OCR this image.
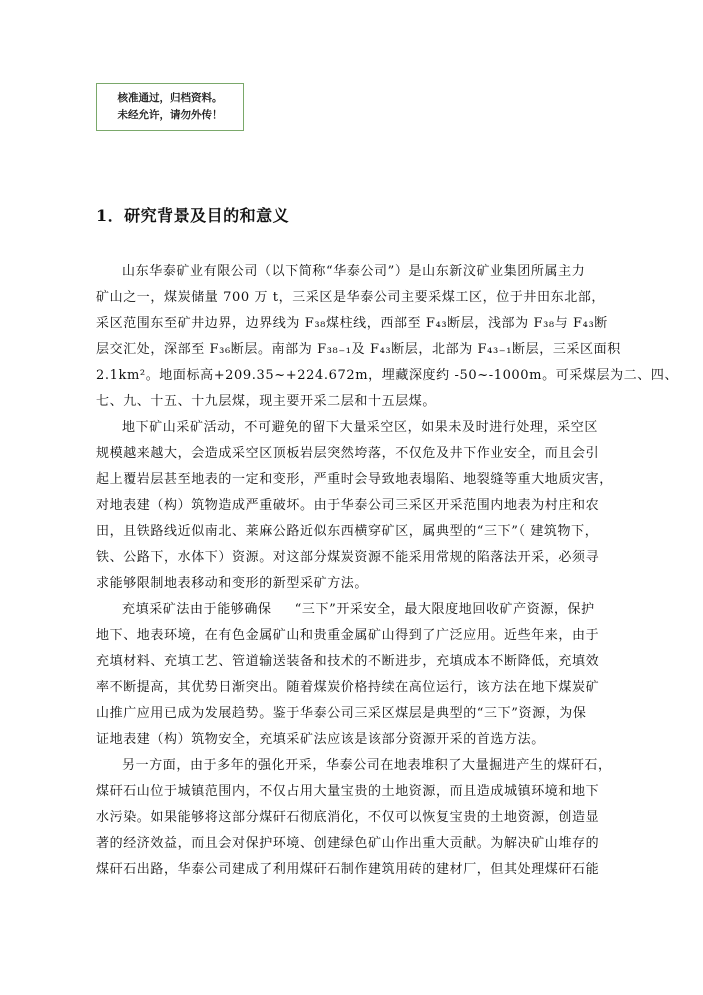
核准通过，归档资料。
未经允许，请勿外传！
1．研究背景及目的和意义
山东华泰矿业有限公司（以下简称“华泰公司”）是山东新汶矿业集团所属主力
矿山之一，煤炭储量 700 万 t，三采区是华泰公司主要采煤工区，位于井田东北部，
采区范围东至矿井边界，边界线为 F₃₈煤柱线，西部至 F₄₃断层，浅部为 F₃₈与 F₄₃断
层交汇处，深部至 F₃₆断层。南部为 F₃₈₋₁及 F₄₃断层，北部为 F₄₃₋₁断层，三采区面积
2.1km²。地面标高+209.35~+224.672m，埋藏深度约 -50~-1000m。可采煤层为二、四、
七、九、十五、十九层煤，现主要开采二层和十五层煤。
地下矿山采矿活动，不可避免的留下大量采空区，如果未及时进行处理，采空区
规模越来越大，会造成采空区顶板岩层突然垮落，不仅危及井下作业安全，而且会引
起上覆岩层甚至地表的一定和变形，严重时会导致地表塌陷、地裂缝等重大地质灾害，
对地表建（构）筑物造成严重破坏。由于华泰公司三采区开采范围内地表为村庄和农
田，且铁路线近似南北、莱麻公路近似东西横穿矿区，属典型的“三下”（ 建筑物下，
铁、公路下，水体下）资源。对这部分煤炭资源不能采用常规的陷落法开采，必须寻
求能够限制地表移动和变形的新型采矿方法。
充填采矿法由于能够确保 　 “三下”开采安全，最大限度地回收矿产资源，保护
地下、地表环境，在有色金属矿山和贵重金属矿山得到了广泛应用。近些年来，由于
充填材料、充填工艺、管道输送装备和技术的不断进步，充填成本不断降低，充填效
率不断提高，其优势日渐突出。随着煤炭价格持续在高位运行，该方法在地下煤炭矿
山推广应用已成为发展趋势。鉴于华泰公司三采区煤层是典型的“三下”资源，为保
证地表建（构）筑物安全，充填采矿法应该是该部分资源开采的首选方法。
另一方面，由于多年的强化开采，华泰公司在地表堆积了大量掘进产生的煤矸石，
煤矸石山位于城镇范围内，不仅占用大量宝贵的土地资源，而且造成城镇环境和地下
水污染。如果能够将这部分煤矸石彻底消化，不仅可以恢复宝贵的土地资源，创造显
著的经济效益，而且会对保护环境、创建绿色矿山作出重大贡献。为解决矿山堆存的
煤矸石出路，华泰公司建成了利用煤矸石制作建筑用砖的建材厂，但其处理煤矸石能
